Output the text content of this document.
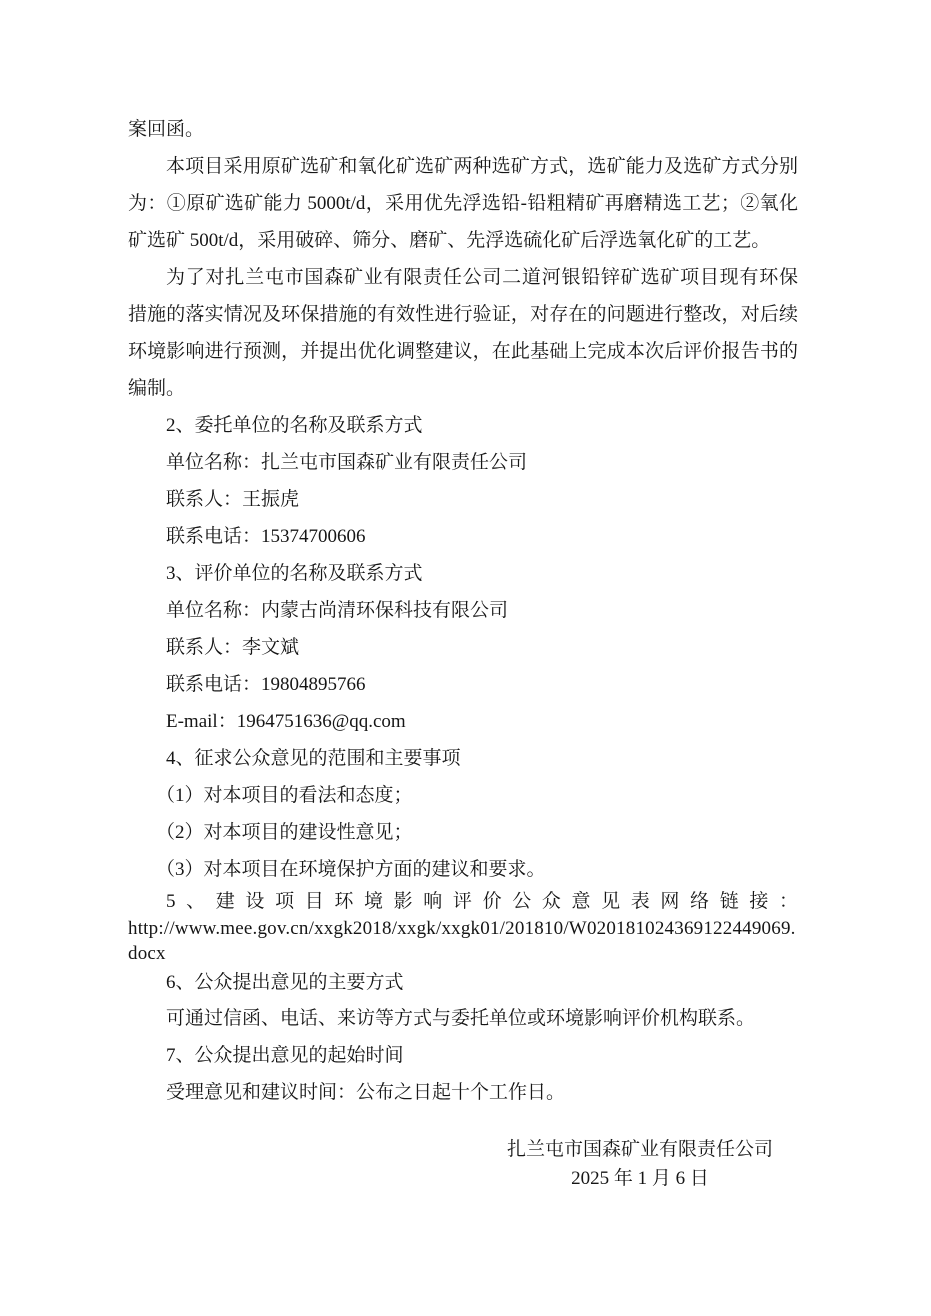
案回函。
本项目采用原矿选矿和氧化矿选矿两种选矿方式，选矿能力及选矿方式分别
为：①原矿选矿能力 5000t/d，采用优先浮选铅-铅粗精矿再磨精选工艺；②氧化
矿选矿 500t/d，采用破碎、筛分、磨矿、先浮选硫化矿后浮选氧化矿的工艺。
为了对扎兰屯市国森矿业有限责任公司二道河银铅锌矿选矿项目现有环保
措施的落实情况及环保措施的有效性进行验证，对存在的问题进行整改，对后续
环境影响进行预测，并提出优化调整建议，在此基础上完成本次后评价报告书的
编制。
2、委托单位的名称及联系方式
单位名称：扎兰屯市国森矿业有限责任公司
联系人：王振虎
联系电话：15374700606
3、评价单位的名称及联系方式
单位名称：内蒙古尚清环保科技有限公司
联系人：李文斌
联系电话：19804895766
E-mail：1964751636@qq.com
4、征求公众意见的范围和主要事项
（1）对本项目的看法和态度；
（2）对本项目的建设性意见；
（3）对本项目在环境保护方面的建议和要求。
5、建设项目环境影响评价公众意见表网络链接：
http://www.mee.gov.cn/xxgk2018/xxgk/xxgk01/201810/W020181024369122449069.
docx
6、公众提出意见的主要方式
可通过信函、电话、来访等方式与委托单位或环境影响评价机构联系。
7、公众提出意见的起始时间
受理意见和建议时间：公布之日起十个工作日。
扎兰屯市国森矿业有限责任公司
2025 年 1 月 6 日
